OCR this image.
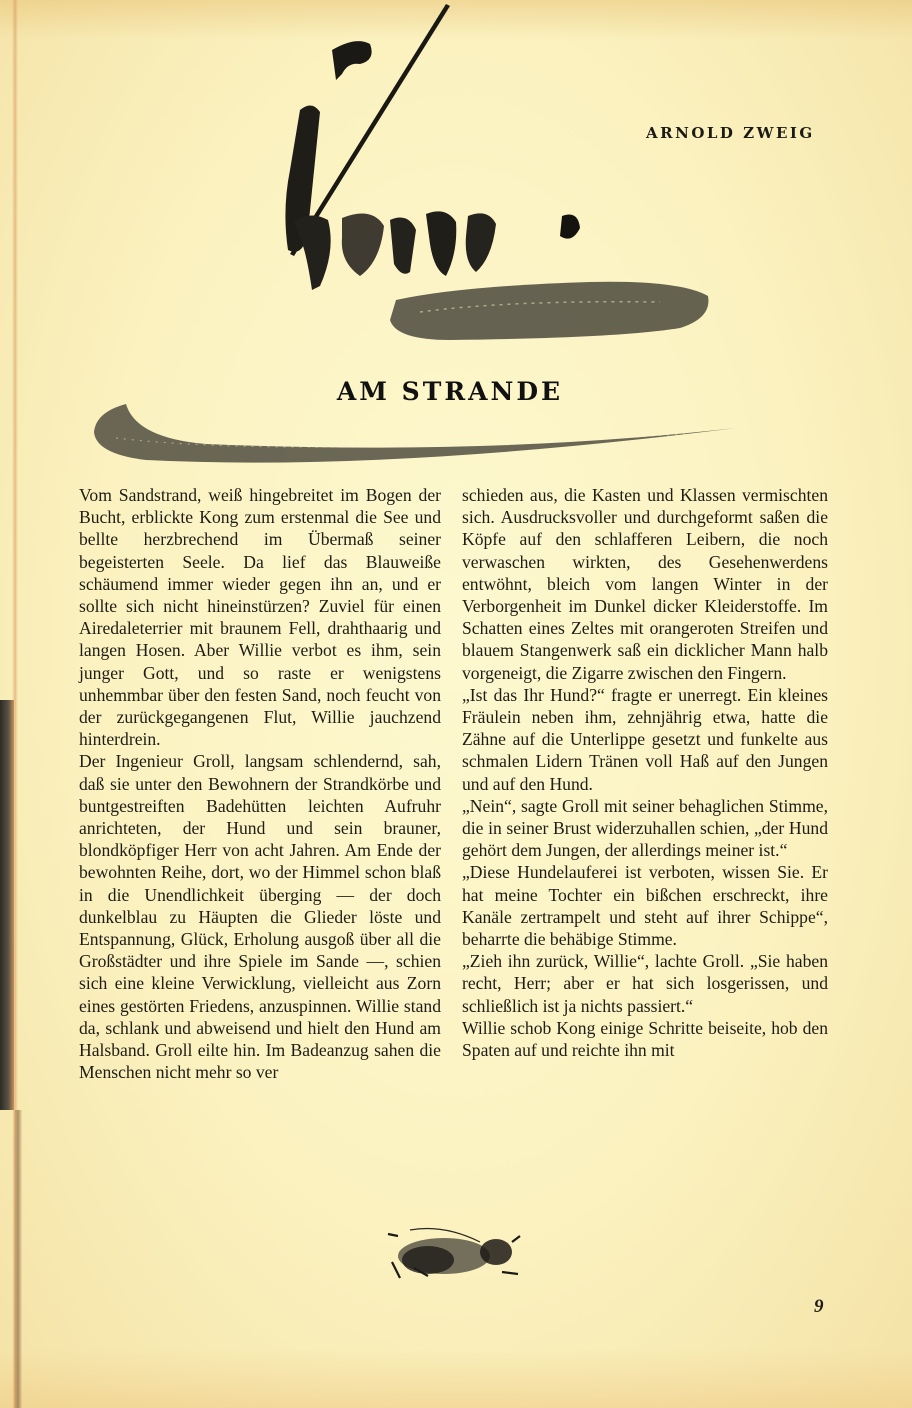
ARNOLD ZWEIG
AM STRANDE

Vom Sandstrand, weiß hingebreitet im Bogen der Bucht, erblickte Kong zum erstenmal die See und bellte herzbrechend im Übermaß seiner begeisterten Seele. Da lief das Blauweiße schäumend immer wieder gegen ihn an, und er sollte sich nicht hineinstürzen? Zuviel für einen Airedaleterrier mit braunem Fell, drahthaarig und langen Hosen. Aber Willie verbot es ihm, sein junger Gott, und so raste er wenigstens unhemmbar über den festen Sand, noch feucht von der zurückgegangenen Flut, Willie jauchzend hinterdrein.

Der Ingenieur Groll, langsam schlendernd, sah, daß sie unter den Bewohnern der Strandkörbe und buntgestreiften Badehütten leichten Aufruhr anrichteten, der Hund und sein brauner, blondköpfiger Herr von acht Jahren. Am Ende der bewohnten Reihe, dort, wo der Himmel schon blaß in die Unendlichkeit überging — der doch dunkelblau zu Häupten die Glieder löste und Entspannung, Glück, Erholung ausgoß über all die Großstädter und ihre Spiele im Sande —, schien sich eine kleine Verwicklung, vielleicht aus Zorn eines gestörten Friedens, anzuspinnen. Willie stand da, schlank und abweisend und hielt den Hund am Halsband. Groll eilte hin. Im Badeanzug sahen die Menschen nicht mehr so ver

schieden aus, die Kasten und Klassen vermischten sich. Ausdrucksvoller und durchgeformt saßen die Köpfe auf den schlafferen Leibern, die noch verwaschen wirkten, des Gesehenwerdens entwöhnt, bleich vom langen Winter in der Verborgenheit im Dunkel dicker Kleiderstoffe. Im Schatten eines Zeltes mit orangeroten Streifen und blauem Stangenwerk saß ein dicklicher Mann halb vorgeneigt, die Zigarre zwischen den Fingern.

„Ist das Ihr Hund?“ fragte er unerregt. Ein kleines Fräulein neben ihm, zehnjährig etwa, hatte die Zähne auf die Unterlippe gesetzt und funkelte aus schmalen Lidern Tränen voll Haß auf den Jungen und auf den Hund.

„Nein“, sagte Groll mit seiner behaglichen Stimme, die in seiner Brust widerzuhallen schien, „der Hund gehört dem Jungen, der allerdings meiner ist.“

„Diese Hundelauferei ist verboten, wissen Sie. Er hat meine Tochter ein bißchen erschreckt, ihre Kanäle zertrampelt und steht auf ihrer Schippe“, beharrte die behäbige Stimme.

„Zieh ihn zurück, Willie“, lachte Groll. „Sie haben recht, Herr; aber er hat sich losgerissen, und schließlich ist ja nichts passiert.“

Willie schob Kong einige Schritte beiseite, hob den Spaten auf und reichte ihn mit

9
